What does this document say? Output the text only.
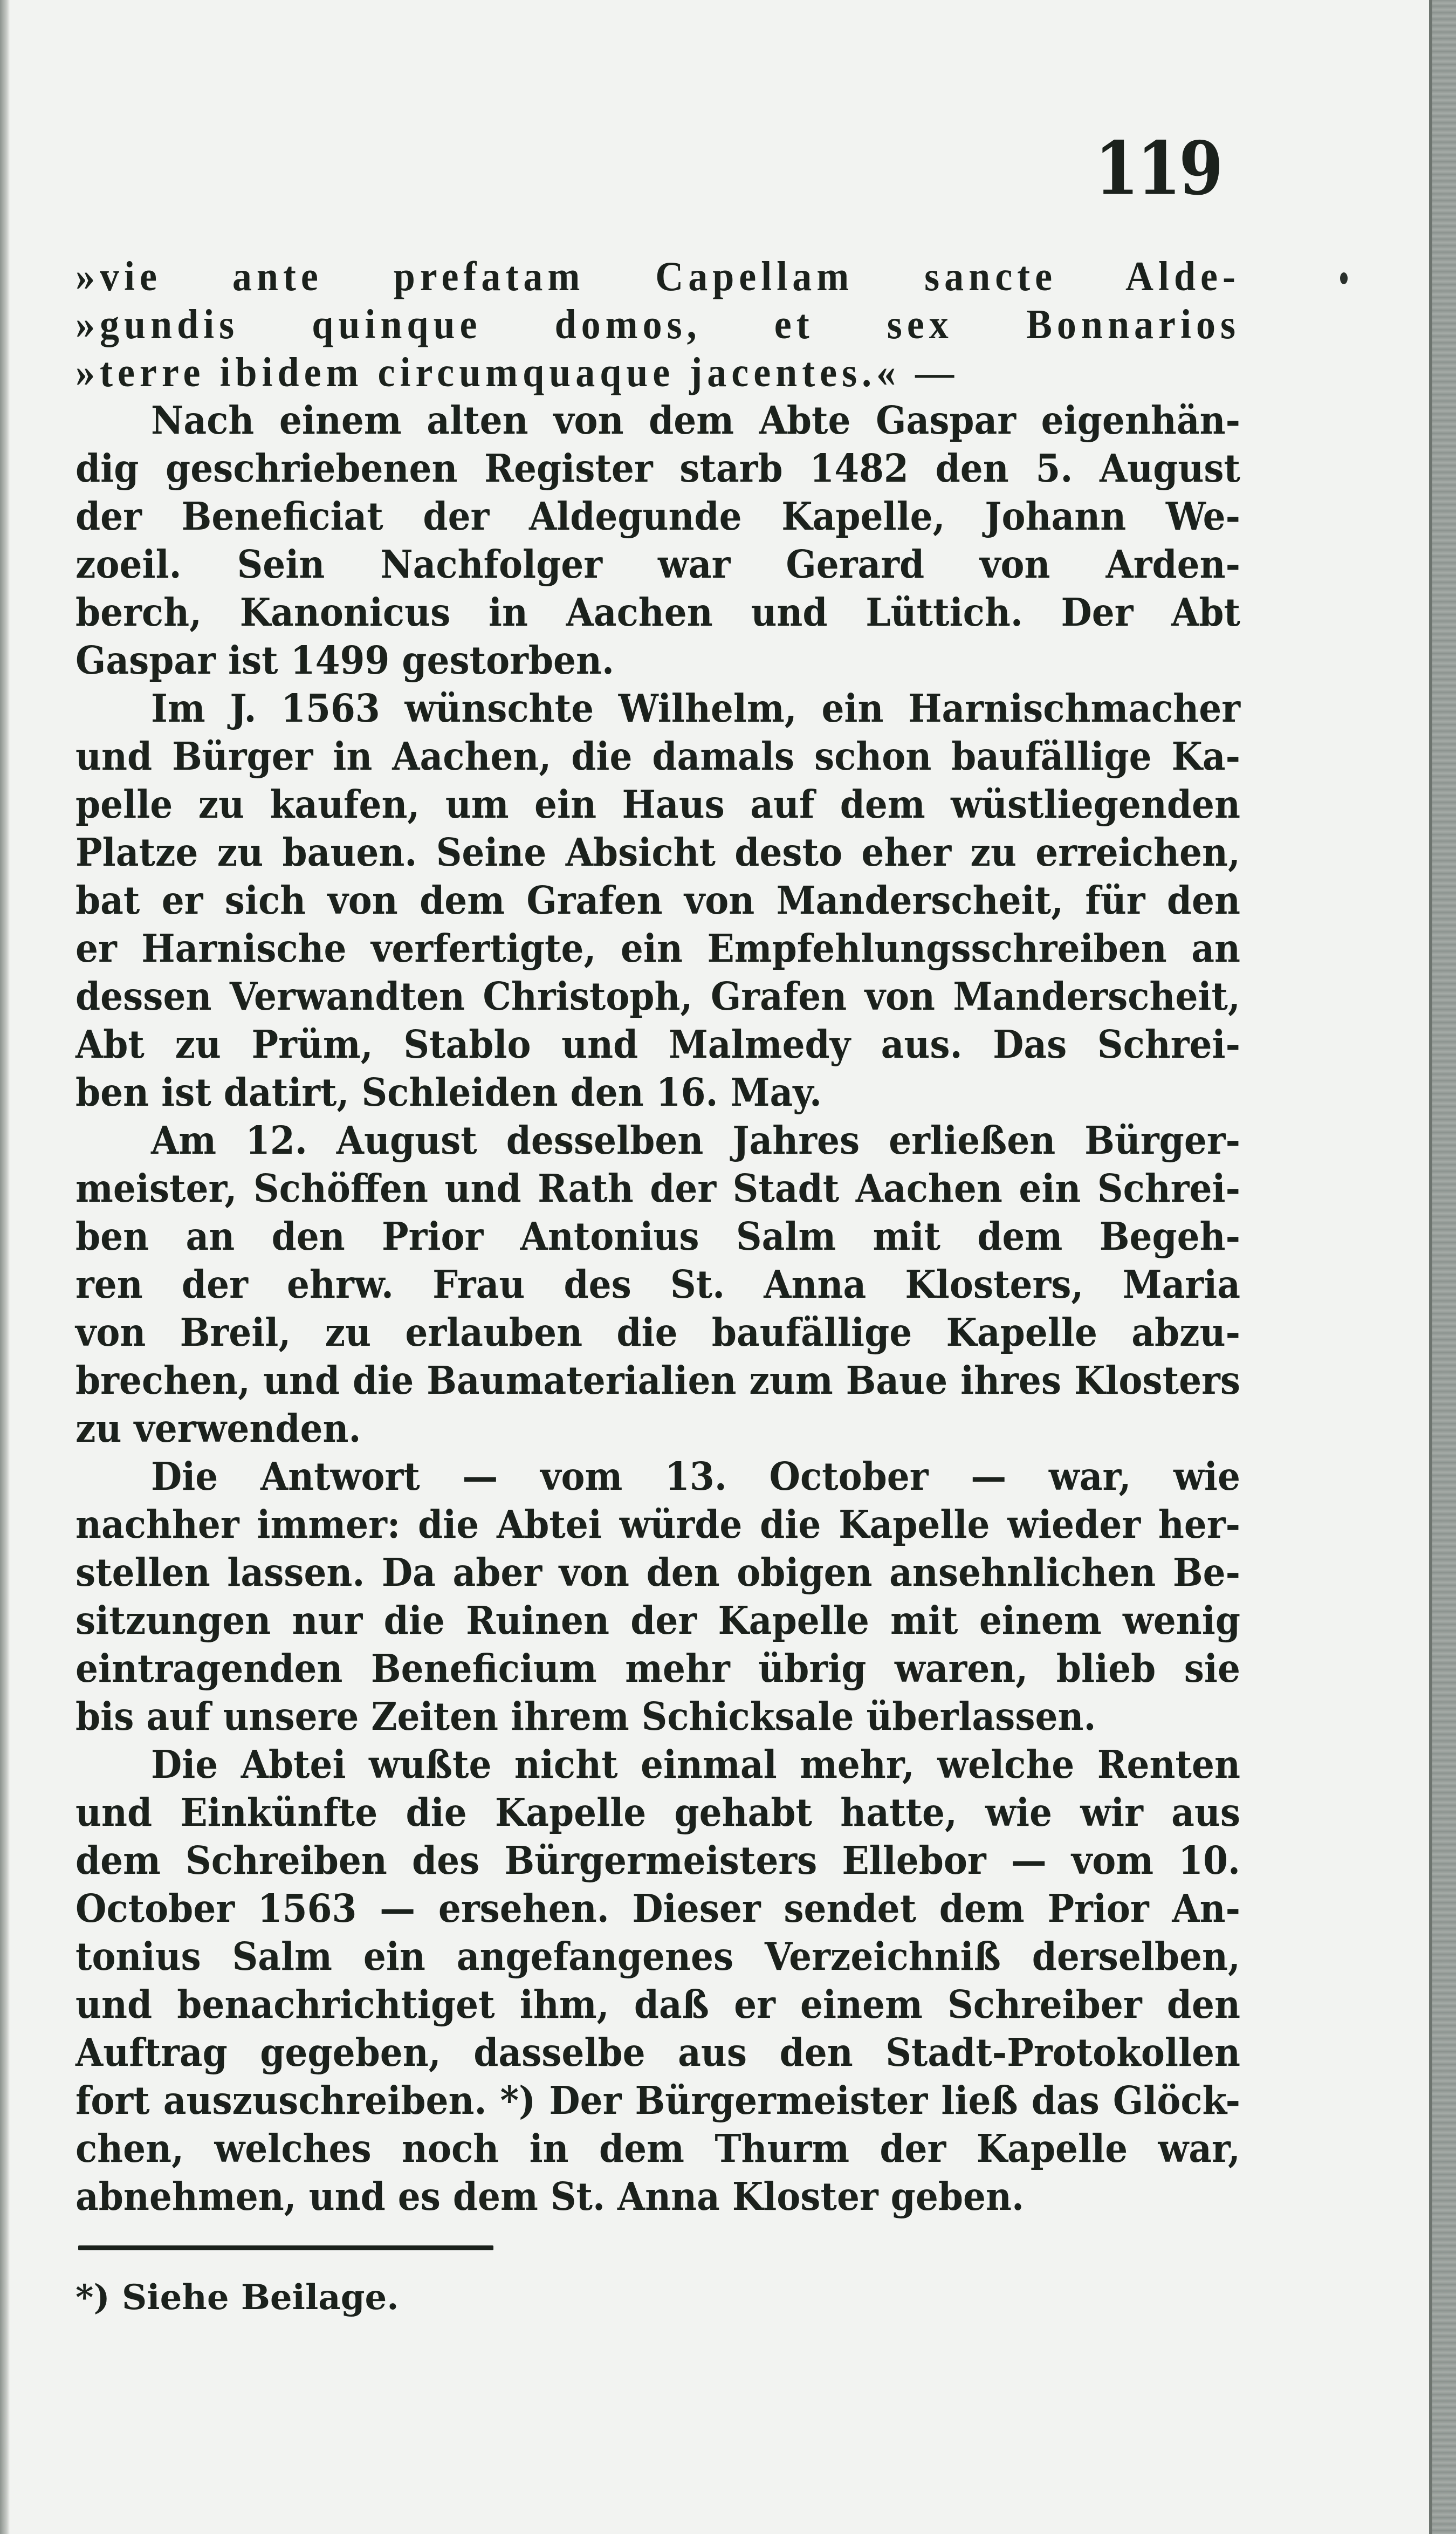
119
»vie ante prefatam Capellam sancte Alde-
»gundis quinque domos, et sex Bonnarios
»terre ibidem circumquaque jacentes.« —
Nach einem alten von dem Abte Gaspar eigenhän-
dig geschriebenen Register starb 1482 den 5. August
der Beneficiat der Aldegunde Kapelle, Johann We-
zoeil. Sein Nachfolger war Gerard von Arden-
berch, Kanonicus in Aachen und Lüttich. Der Abt
Gaspar ist 1499 gestorben.
Im J. 1563 wünschte Wilhelm, ein Harnischmacher
und Bürger in Aachen, die damals schon baufällige Ka-
pelle zu kaufen, um ein Haus auf dem wüstliegenden
Platze zu bauen. Seine Absicht desto eher zu erreichen,
bat er sich von dem Grafen von Manderscheit, für den
er Harnische verfertigte, ein Empfehlungsschreiben an
dessen Verwandten Christoph, Grafen von Manderscheit,
Abt zu Prüm, Stablo und Malmedy aus. Das Schrei-
ben ist datirt, Schleiden den 16. May.
Am 12. August desselben Jahres erließen Bürger-
meister, Schöffen und Rath der Stadt Aachen ein Schrei-
ben an den Prior Antonius Salm mit dem Begeh-
ren der ehrw. Frau des St. Anna Klosters, Maria
von Breil, zu erlauben die baufällige Kapelle abzu-
brechen, und die Baumaterialien zum Baue ihres Klosters
zu verwenden.
Die Antwort — vom 13. October — war, wie
nachher immer: die Abtei würde die Kapelle wieder her-
stellen lassen. Da aber von den obigen ansehnlichen Be-
sitzungen nur die Ruinen der Kapelle mit einem wenig
eintragenden Beneficium mehr übrig waren, blieb sie
bis auf unsere Zeiten ihrem Schicksale überlassen.
Die Abtei wußte nicht einmal mehr, welche Renten
und Einkünfte die Kapelle gehabt hatte, wie wir aus
dem Schreiben des Bürgermeisters Ellebor — vom 10.
October 1563 — ersehen. Dieser sendet dem Prior An-
tonius Salm ein angefangenes Verzeichniß derselben,
und benachrichtiget ihm, daß er einem Schreiber den
Auftrag gegeben, dasselbe aus den Stadt-Protokollen
fort auszuschreiben. *) Der Bürgermeister ließ das Glöck-
chen, welches noch in dem Thurm der Kapelle war,
abnehmen, und es dem St. Anna Kloster geben.
*) Siehe Beilage.
